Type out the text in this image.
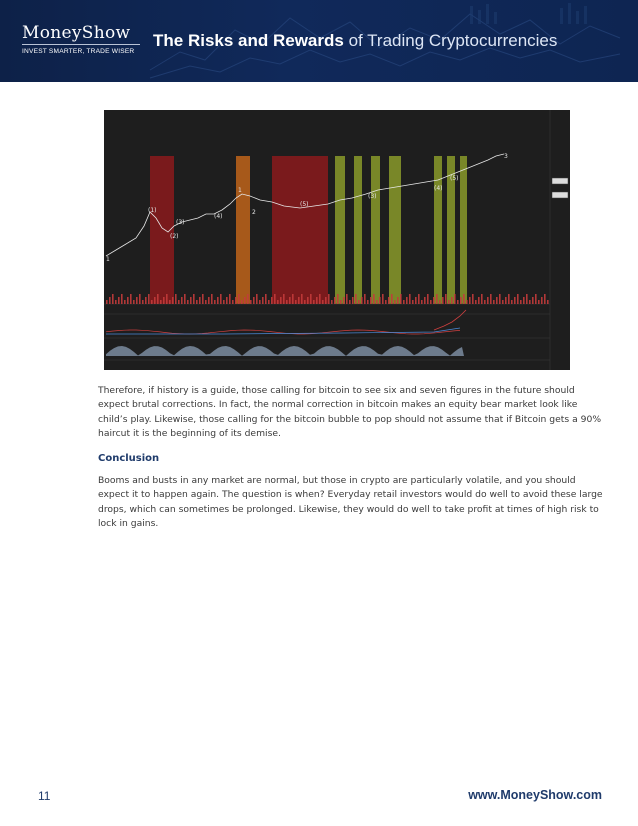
MoneyShow
INVEST SMARTER, TRADE WISER
The Risks and Rewards of Trading Cryptocurrencies
1
(1)
(2)
(3)
(4)
1
2
(5)
(3)
(4)
(5)
3

Therefore, if history is a guide, those calling for bitcoin to see six and seven figures in the future should expect brutal corrections. In fact, the normal correction in bitcoin makes an equity bear market look like child’s play. Likewise, those calling for the bitcoin bubble to pop should not assume that if Bitcoin gets a 90% haircut it is the beginning of its demise.

Conclusion

Booms and busts in any market are normal, but those in crypto are particularly volatile, and you should expect it to happen again. The question is when? Everyday retail investors would do well to avoid these large drops, which can sometimes be prolonged. Likewise, they would do well to take profit at times of high risk to lock in gains.

11	www.MoneyShow.com
